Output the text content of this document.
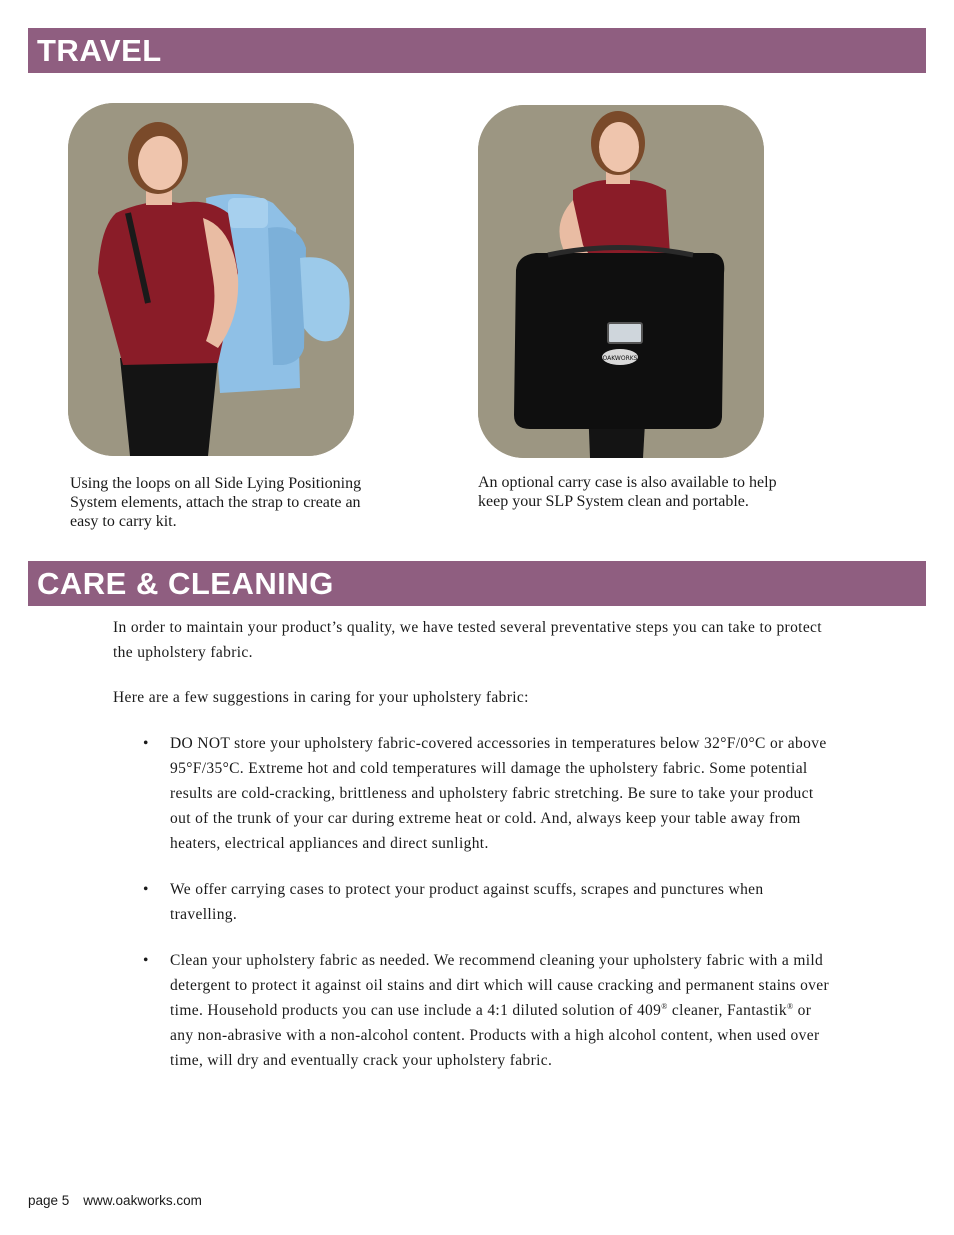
TRAVEL
OAKWORKS
Using the loops on all Side Lying Positioning System elements, attach the strap to create an easy to carry kit.
An optional carry case is also available to help keep your SLP System clean and portable.
CARE & CLEANING
In order to maintain your product’s quality, we have tested several preventative steps you can take to protect the upholstery fabric.
Here are a few suggestions in caring for your upholstery fabric:
• DO NOT store your upholstery fabric-covered accessories in temperatures below 32°F/0°C or above 95°F/35°C. Extreme hot and cold temperatures will damage the upholstery fabric. Some potential results are cold-cracking, brittleness and upholstery fabric stretching. Be sure to take your product out of the trunk of your car during extreme heat or cold. And, always keep your table away from heaters, electrical appliances and direct sunlight.
• We offer carrying cases to protect your product against scuffs, scrapes and punctures when travelling.
• Clean your upholstery fabric as needed. We recommend cleaning your upholstery fabric with a mild detergent to protect it against oil stains and dirt which will cause cracking and permanent stains over time. Household products you can use include a 4:1 diluted solution of 409® cleaner, Fantastik® or any non-abrasive with a non-alcohol content. Products with a high alcohol content, when used over time, will dry and eventually crack your upholstery fabric.
page 5 www.oakworks.com
